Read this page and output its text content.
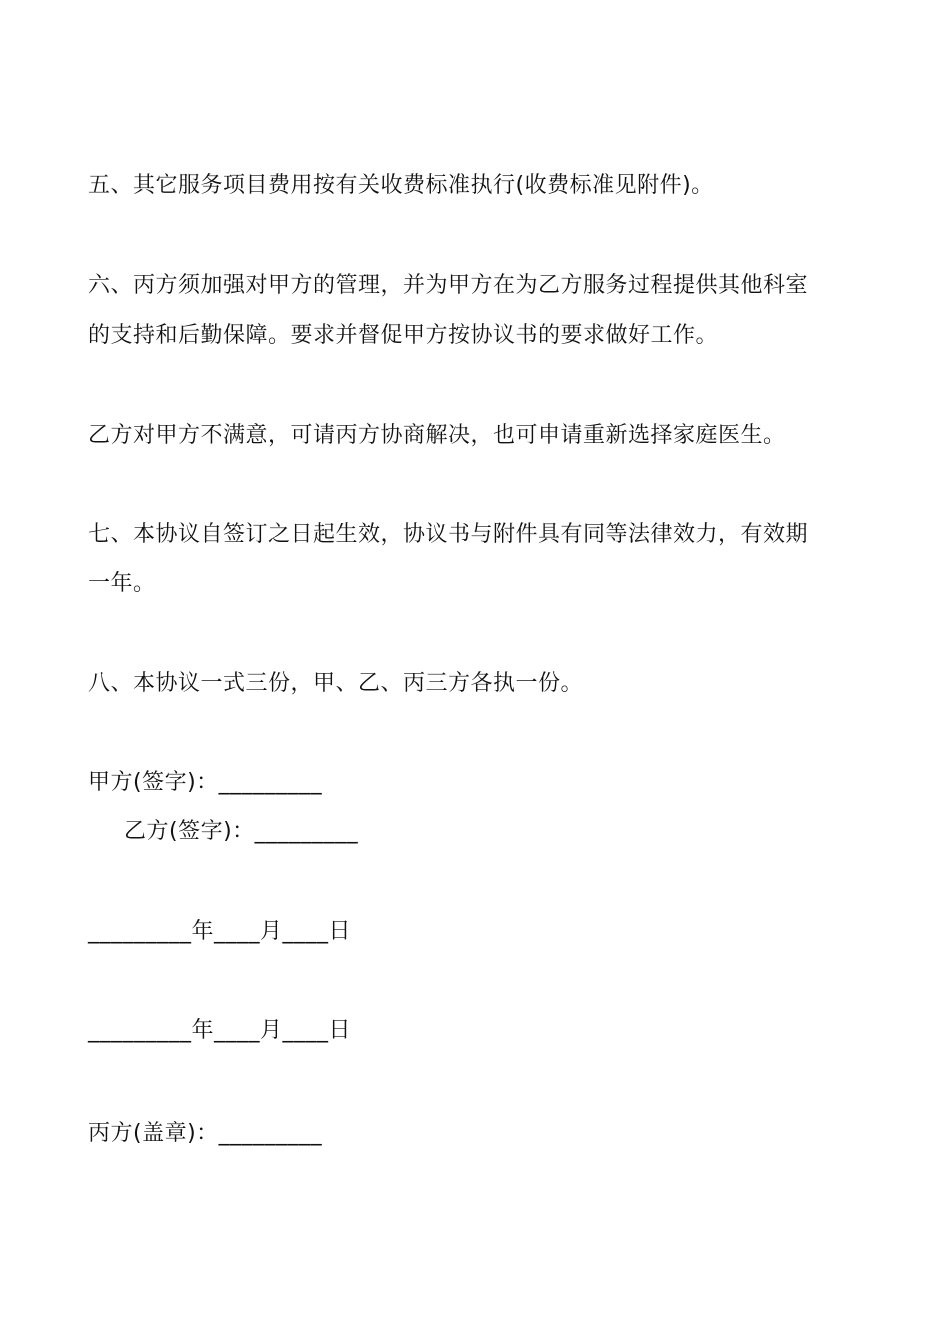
五、其它服务项目费用按有关收费标准执行(收费标准见附件)。
六、丙方须加强对甲方的管理，并为甲方在为乙方服务过程提供其他科室
的支持和后勤保障。要求并督促甲方按协议书的要求做好工作。
乙方对甲方不满意，可请丙方协商解决，也可申请重新选择家庭医生。
七、本协议自签订之日起生效，协议书与附件具有同等法律效力，有效期
一年。
八、本协议一式三份，甲、乙、丙三方各执一份。
甲方(签字)：_________
乙方(签字)：_________
_________年____月____日
_________年____月____日
丙方(盖章)：_________
